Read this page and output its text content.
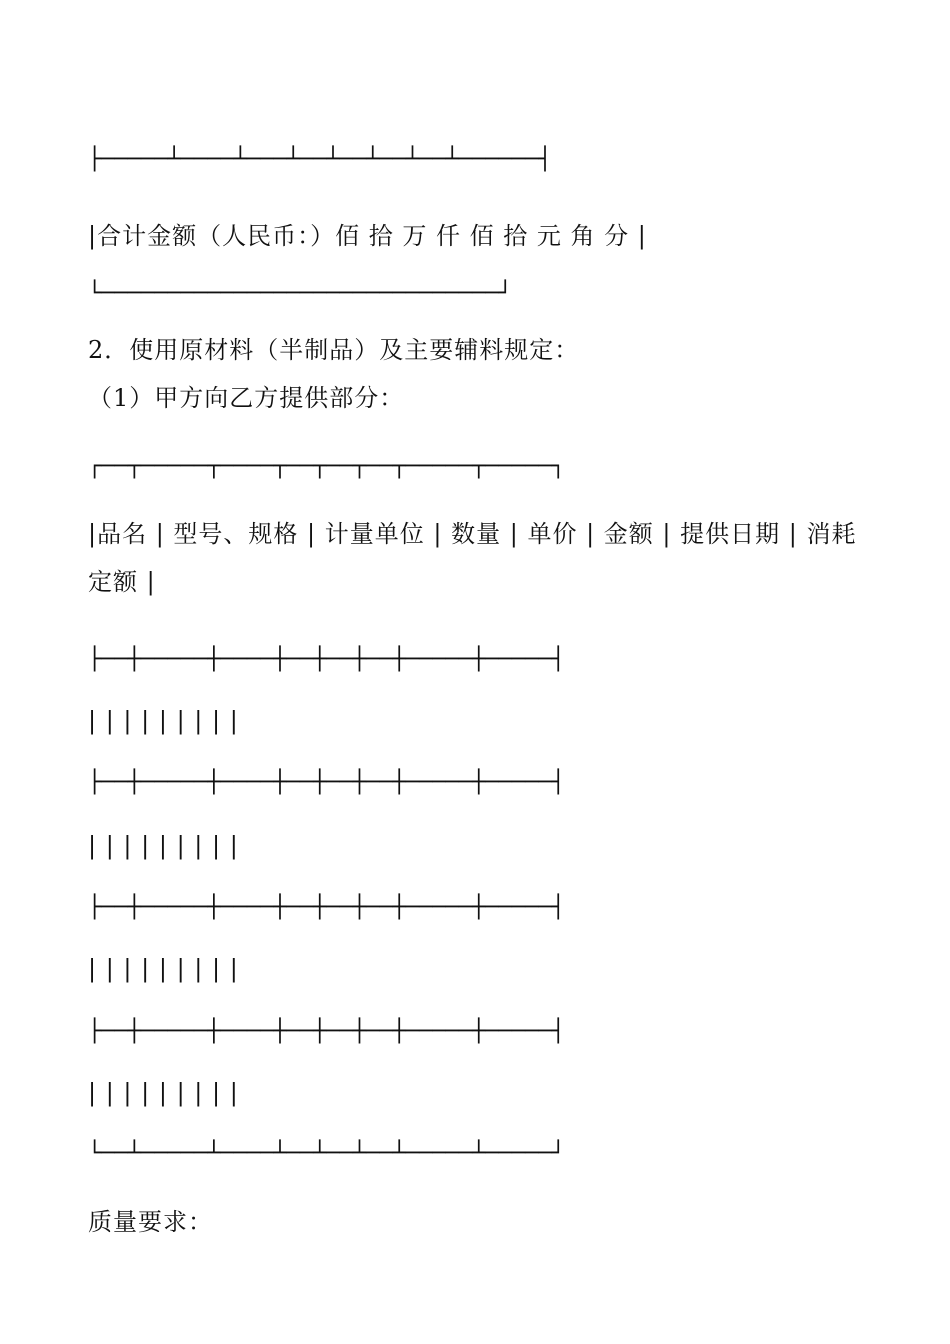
├─────┴────┴───┴──┴──┴──┴──┴──────┤
|合计金额（人民币：）佰 拾 万 仟 佰 拾 元 角 分 |
└──────────────────────────────┘
2．使用原材料（半制品）及主要辅料规定：
（1）甲方向乙方提供部分：
┌──┬─────┬────┬──┬──┬──┬─────┬─────┐
|品名 | 型号、规格 | 计量单位 | 数量 | 单价 | 金额 | 提供日期 | 消耗定额 |
├──┼─────┼────┼──┼──┼──┼─────┼─────┤
| | | | | | | | |
├──┼─────┼────┼──┼──┼──┼─────┼─────┤
| | | | | | | | |
├──┼─────┼────┼──┼──┼──┼─────┼─────┤
| | | | | | | | |
├──┼─────┼────┼──┼──┼──┼─────┼─────┤
| | | | | | | | |
└──┴─────┴────┴──┴──┴──┴─────┴─────┘
质量要求：
